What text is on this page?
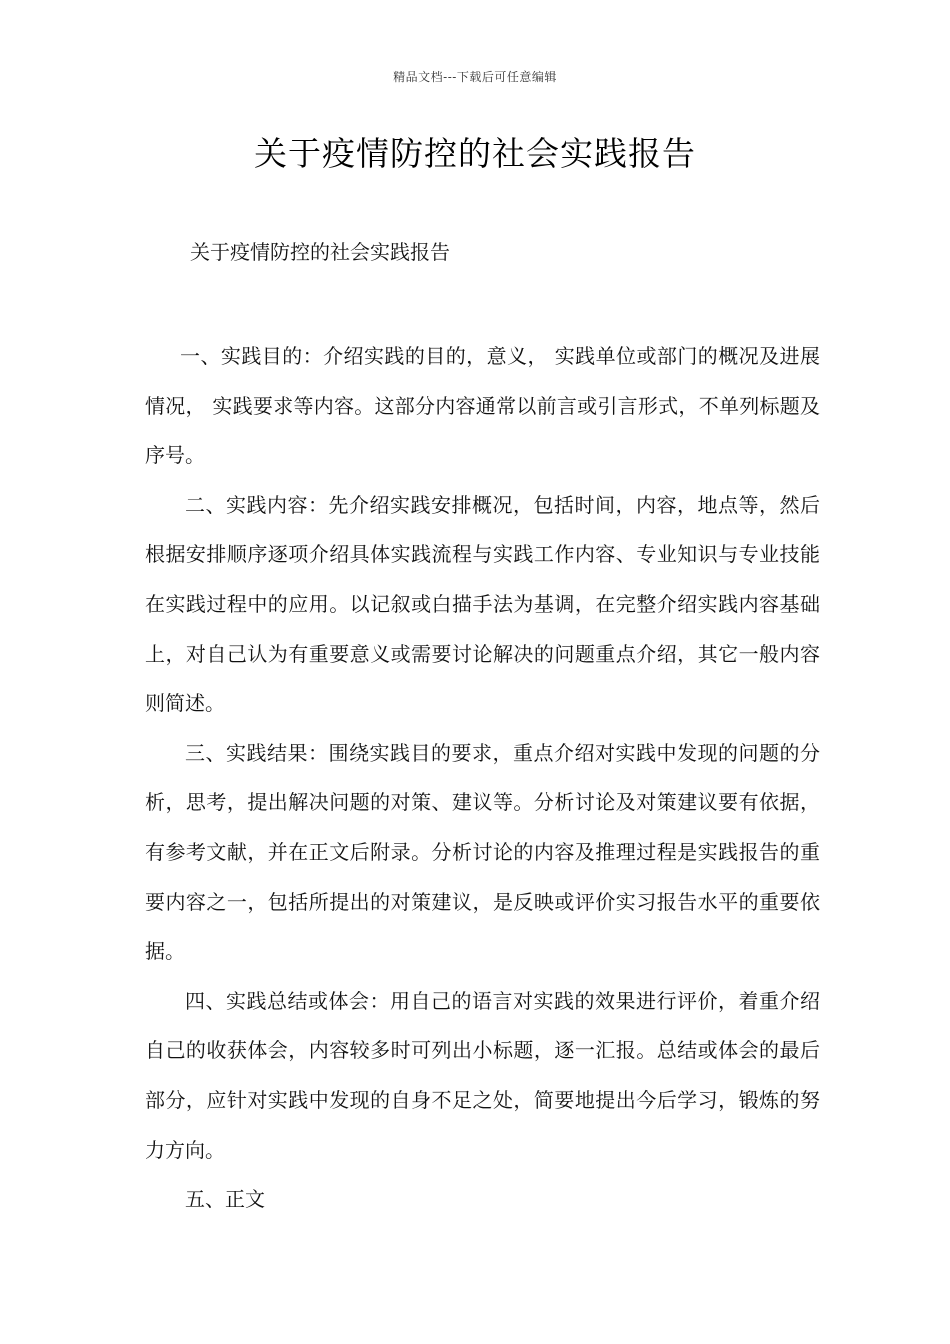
精品文档---下载后可任意编辑
关于疫情防控的社会实践报告

关于疫情防控的社会实践报告

一、实践目的：介绍实践的目的，意义， 实践单位或部门的概况及进展情况， 实践要求等内容。这部分内容通常以前言或引言形式，不单列标题及序号。

二、实践内容：先介绍实践安排概况，包括时间，内容，地点等，然后根据安排顺序逐项介绍具体实践流程与实践工作内容、专业知识与专业技能在实践过程中的应用。以记叙或白描手法为基调，在完整介绍实践内容基础上，对自己认为有重要意义或需要讨论解决的问题重点介绍，其它一般内容则简述。

三、实践结果：围绕实践目的要求，重点介绍对实践中发现的问题的分析，思考，提出解决问题的对策、建议等。分析讨论及对策建议要有依据，有参考文献，并在正文后附录。分析讨论的内容及推理过程是实践报告的重要内容之一，包括所提出的对策建议，是反映或评价实习报告水平的重要依据。

四、实践总结或体会：用自己的语言对实践的效果进行评价，着重介绍自己的收获体会，内容较多时可列出小标题，逐一汇报。总结或体会的最后部分，应针对实践中发现的自身不足之处，简要地提出今后学习，锻炼的努力方向。

五、正文
